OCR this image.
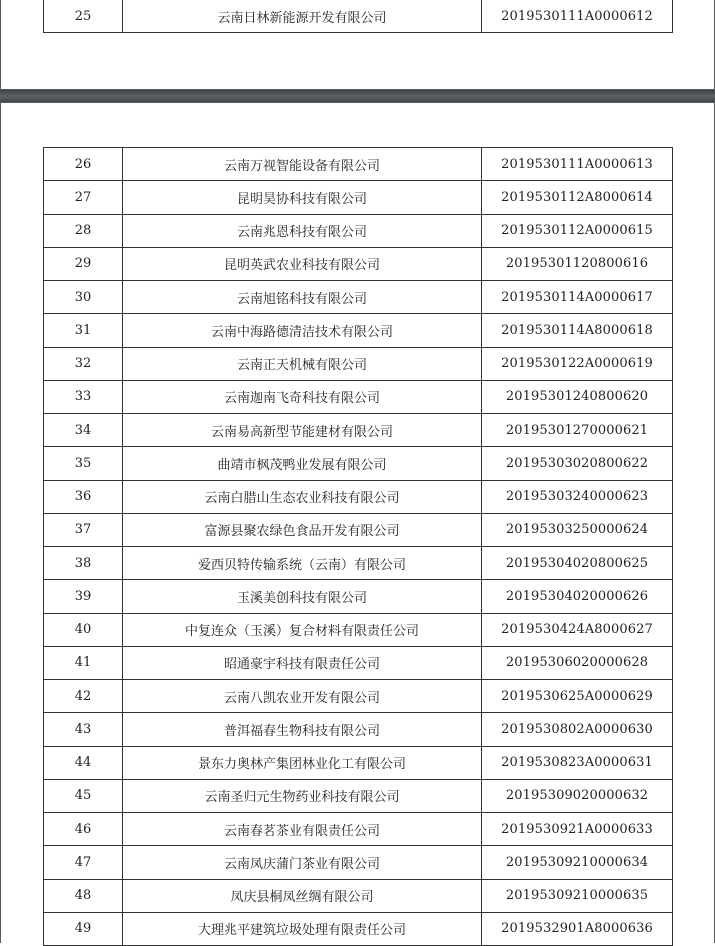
25	云南日林新能源开发有限公司	2019530111A0000612
26	云南万视智能设备有限公司	2019530111A0000613
27	昆明昊协科技有限公司	2019530112A8000614
28	云南兆恩科技有限公司	2019530112A0000615
29	昆明英武农业科技有限公司	20195301120800616
30	云南旭铭科技有限公司	2019530114A0000617
31	云南中海路德清洁技术有限公司	2019530114A8000618
32	云南正天机械有限公司	2019530122A0000619
33	云南迦南飞奇科技有限公司	20195301240800620
34	云南易高新型节能建材有限公司	20195301270000621
35	曲靖市枫茂鸭业发展有限公司	20195303020800622
36	云南白腊山生态农业科技有限公司	20195303240000623
37	富源县聚农绿色食品开发有限公司	20195303250000624
38	爱西贝特传输系统（云南）有限公司	20195304020800625
39	玉溪美创科技有限公司	20195304020000626
40	中复连众（玉溪）复合材料有限责任公司	2019530424A8000627
41	昭通豪宇科技有限责任公司	20195306020000628
42	云南八凯农业开发有限公司	2019530625A0000629
43	普洱福春生物科技有限公司	2019530802A0000630
44	景东力奥林产集团林业化工有限公司	2019530823A0000631
45	云南圣归元生物药业科技有限公司	20195309020000632
46	云南春茗茶业有限责任公司	2019530921A0000633
47	云南凤庆蒲门茶业有限公司	20195309210000634
48	凤庆县桐凤丝绸有限公司	20195309210000635
49	大理兆平建筑垃圾处理有限责任公司	2019532901A8000636
